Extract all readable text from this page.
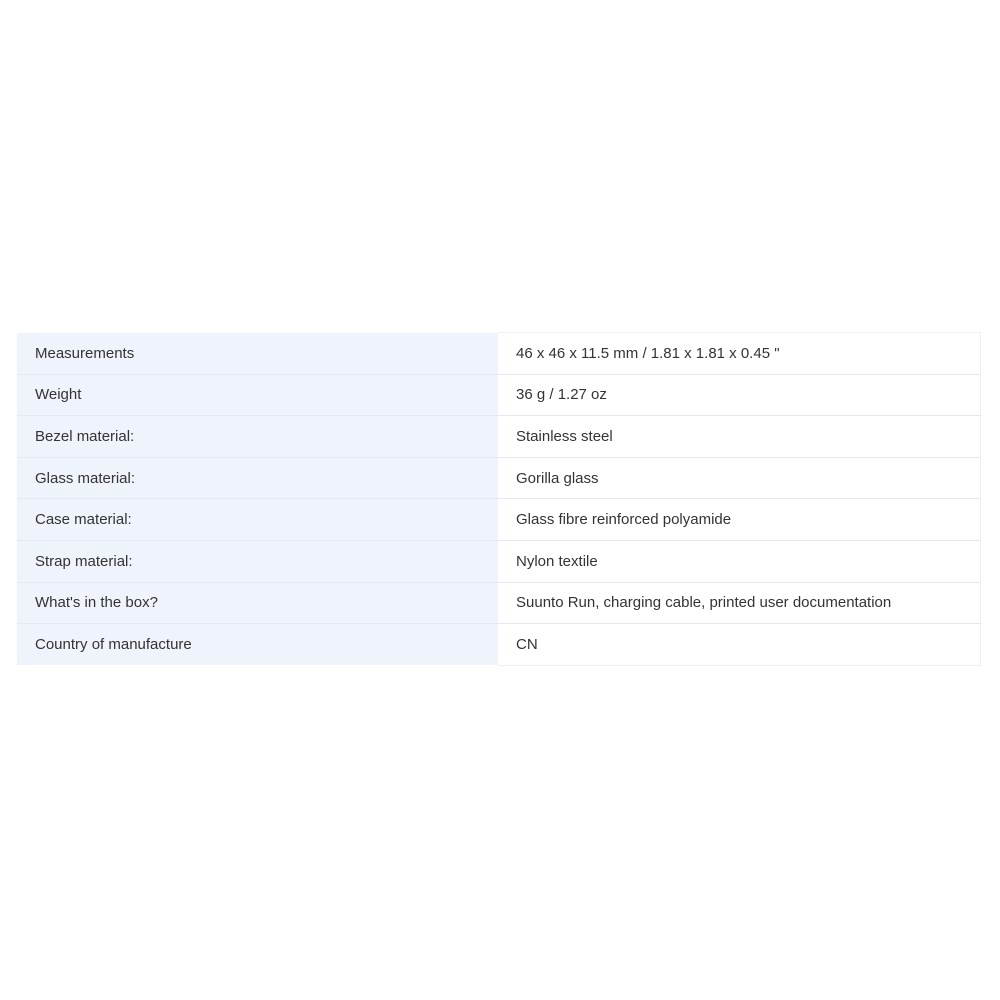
Measurements	46 x 46 x 11.5 mm / 1.81 x 1.81 x 0.45 "
Weight	36 g / 1.27 oz
Bezel material:	Stainless steel
Glass material:	Gorilla glass
Case material:	Glass fibre reinforced polyamide
Strap material:	Nylon textile
What's in the box?	Suunto Run, charging cable, printed user documentation
Country of manufacture	CN
